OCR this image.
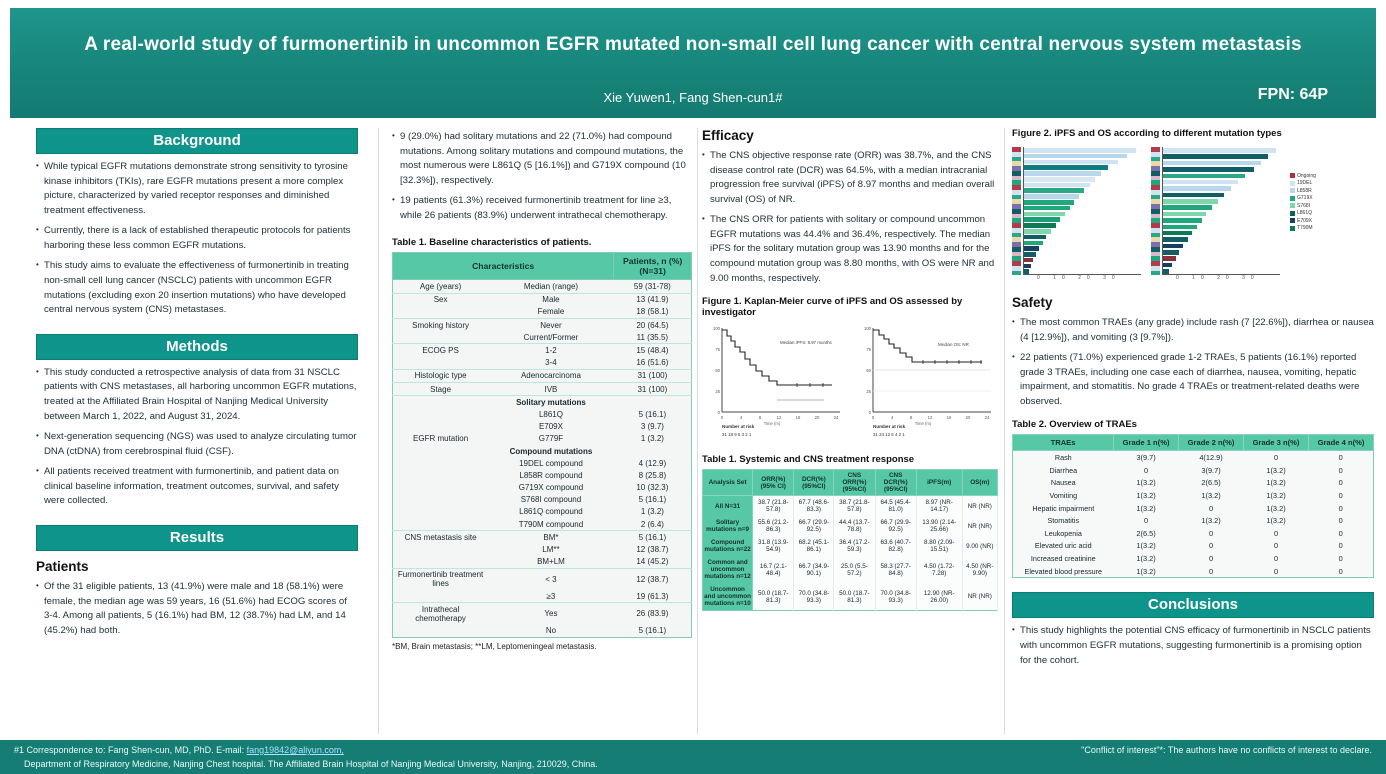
A real-world study of furmonertinib in uncommon EGFR mutated non-small cell lung cancer with central nervous system metastasis
Xie Yuwen1, Fang Shen-cun1#	FPN: 64P
Background
• While typical EGFR mutations demonstrate strong sensitivity to tyrosine kinase inhibitors (TKIs), rare EGFR mutations present a more complex picture, characterized by varied receptor responses and diminished treatment effectiveness.
• Currently, there is a lack of established therapeutic protocols for patients harboring these less common EGFR mutations.
• This study aims to evaluate the effectiveness of furmonertinib in treating non-small cell lung cancer (NSCLC) patients with uncommon EGFR mutations (excluding exon 20 insertion mutations) who have developed central nervous system (CNS) metastases.
Methods
• This study conducted a retrospective analysis of data from 31 NSCLC patients with CNS metastases, all harboring uncommon EGFR mutations, treated at the Affiliated Brain Hospital of Nanjing Medical University between March 1, 2022, and August 31, 2024.
• Next-generation sequencing (NGS) was used to analyze circulating tumor DNA (ctDNA) from cerebrospinal fluid (CSF).
• All patients received treatment with furmonertinib, and patient data on clinical baseline information, treatment outcomes, survival, and safety were collected.
Results
Patients
• Of the 31 eligible patients, 13 (41.9%) were male and 18 (58.1%) were female, the median age was 59 years, 16 (51.6%) had ECOG scores of 3-4. Among all patients, 5 (16.1%) had BM, 12 (38.7%) had LM, and 14 (45.2%) had both.
• 9 (29.0%) had solitary mutations and 22 (71.0%) had compound mutations. Among solitary mutations and compound mutations, the most numerous were L861Q (5 [16.1%]) and G719X compound (10 [32.3%]), respectively.
• 19 patients (61.3%) received furmonertinib treatment for line ≥3, while 26 patients (83.9%) underwent intrathecal chemotherapy.
Table 1. Baseline characteristics of patients.
Characteristics		Patients, n (%) (N=31)
Age (years)	Median (range)	59 (31-78)
Sex	Male	13 (41.9)
	Female	18 (58.1)
Smoking history	Never	20 (64.5)
	Current/Former	11 (35.5)
ECOG PS	1-2	15 (48.4)
	3-4	16 (51.6)
Histologic type	Adenocarcinoma	31 (100)
Stage	IVB	31 (100)
	Solitary mutations	
	L861Q	5 (16.1)
	E709X	3 (9.7)
EGFR mutation	G779F	1 (3.2)
	Compound mutations	
	19DEL compound	4 (12.9)
	L858R compound	8 (25.8)
	G719X compound	10 (32.3)
	S768I compound	5 (16.1)
	L861Q compound	1 (3.2)
	T790M compound	2 (6.4)
CNS metastasis site	BM*	5 (16.1)
	LM**	12 (38.7)
	BM+LM	14 (45.2)
Furmonertinib treatment lines	< 3	12 (38.7)
	≥3	19 (61.3)
Intrathecal chemotherapy	Yes	26 (83.9)
	No	5 (16.1)
*BM, Brain metastasis; **LM, Leptomeningeal metastasis.
Efficacy
• The CNS objective response rate (ORR) was 38.7%, and the CNS disease control rate (DCR) was 64.5%, with a median intracranial progression free survival (iPFS) of 8.97 months and median overall survival (OS) of NR.
• The CNS ORR for patients with solitary or compound uncommon EGFR mutations was 44.4% and 36.4%, respectively. The median iPFS for the solitary mutation group was 13.90 months and for the compound mutation group was 8.80 months, with OS were NR and 9.00 months, respectively.
Figure 1. Kaplan-Meier curve of iPFS and OS assessed by investigator
100
75
50
25
0
0	4	8	12	16	20	24
Median iPFS: 8.97 months
Number at risk
31 18 9 5 3 2 1
Time (m)
100
75
50
25
0
0	4	8	12	16	20	24
Median OS: NR
Number at risk
31 24 12 6 4 2 1
Time (m)
Table 1. Systemic and CNS treatment response
Analysis Set	ORR(%) (95% CI)	DCR(%) (95%CI)	CNS ORR(%) (95%CI)	CNS DCR(%) (95%CI)	iPFS(m)	OS(m)
All N=31	38.7 (21.8-57.8)	67.7 (48.6-83.3)	38.7 (21.8-57.8)	64.5 (45.4-81.0)	8.97 (NR-14.17)	NR (NR)
Solitary mutations n=9	55.6 (21.2-86.3)	66.7 (29.9-92.5)	44.4 (13.7-78.8)	66.7 (29.9-92.5)	13.90 (2.14-25.66)	NR (NR)
Compound mutations n=22	31.8 (13.9-54.9)	68.2 (45.1-86.1)	36.4 (17.2-59.3)	63.6 (40.7-82.8)	8.80 (2.09-15.51)	9.00 (NR)
Common and uncommon mutations n=12	16.7 (2.1-48.4)	66.7 (34.9-90.1)	25.0 (5.5-57.2)	58.3 (27.7-84.8)	4.50 (1.72-7.28)	4.50 (NR-9.90)
Uncommon and uncommon mutations n=10	50.0 (18.7-81.3)	70.0 (34.8-93.3)	50.0 (18.7-81.3)	70.0 (34.8-93.3)	12.90 (NR-26.00)	NR (NR)
Figure 2. iPFS and OS according to different mutation types
0 10 20 30	0 10 20 30
Ongoing
19DEL
L858R
G719X
S768I
L861Q
E709X
T790M
Safety
• The most common TRAEs (any grade) include rash (7 [22.6%]), diarrhea or nausea (4 [12.9%]), and vomiting (3 [9.7%]).
• 22 patients (71.0%) experienced grade 1-2 TRAEs, 5 patients (16.1%) reported grade 3 TRAEs, including one case each of diarrhea, nausea, vomiting, hepatic impairment, and stomatitis. No grade 4 TRAEs or treatment-related deaths were observed.
Table 2. Overview of TRAEs
TRAEs	Grade 1 n(%)	Grade 2 n(%)	Grade 3 n(%)	Grade 4 n(%)
Rash	3(9.7)	4(12.9)	0	0
Diarrhea	0	3(9.7)	1(3.2)	0
Nausea	1(3.2)	2(6.5)	1(3.2)	0
Vomiting	1(3.2)	1(3.2)	1(3.2)	0
Hepatic impairment	1(3.2)	0	1(3.2)	0
Stomatitis	0	1(3.2)	1(3.2)	0
Leukopenia	2(6.5)	0	0	0
Elevated uric acid	1(3.2)	0	0	0
Increased creatinine	1(3.2)	0	0	0
Elevated blood pressure	1(3.2)	0	0	0
Conclusions
• This study highlights the potential CNS efficacy of furmonertinib in NSCLC patients with uncommon EGFR mutations, suggesting furmonertinib is a promising option for the cohort.
#1 Correspondence to: Fang Shen-cun, MD, PhD. E-mail: fang19842@aliyun.com,
Department of Respiratory Medicine, Nanjing Chest hospital. The Affiliated Brain Hospital of Nanjing Medical University, Nanjing, 210029, China.
"Conflict of interest"*: The authors have no conflicts of interest to declare.
